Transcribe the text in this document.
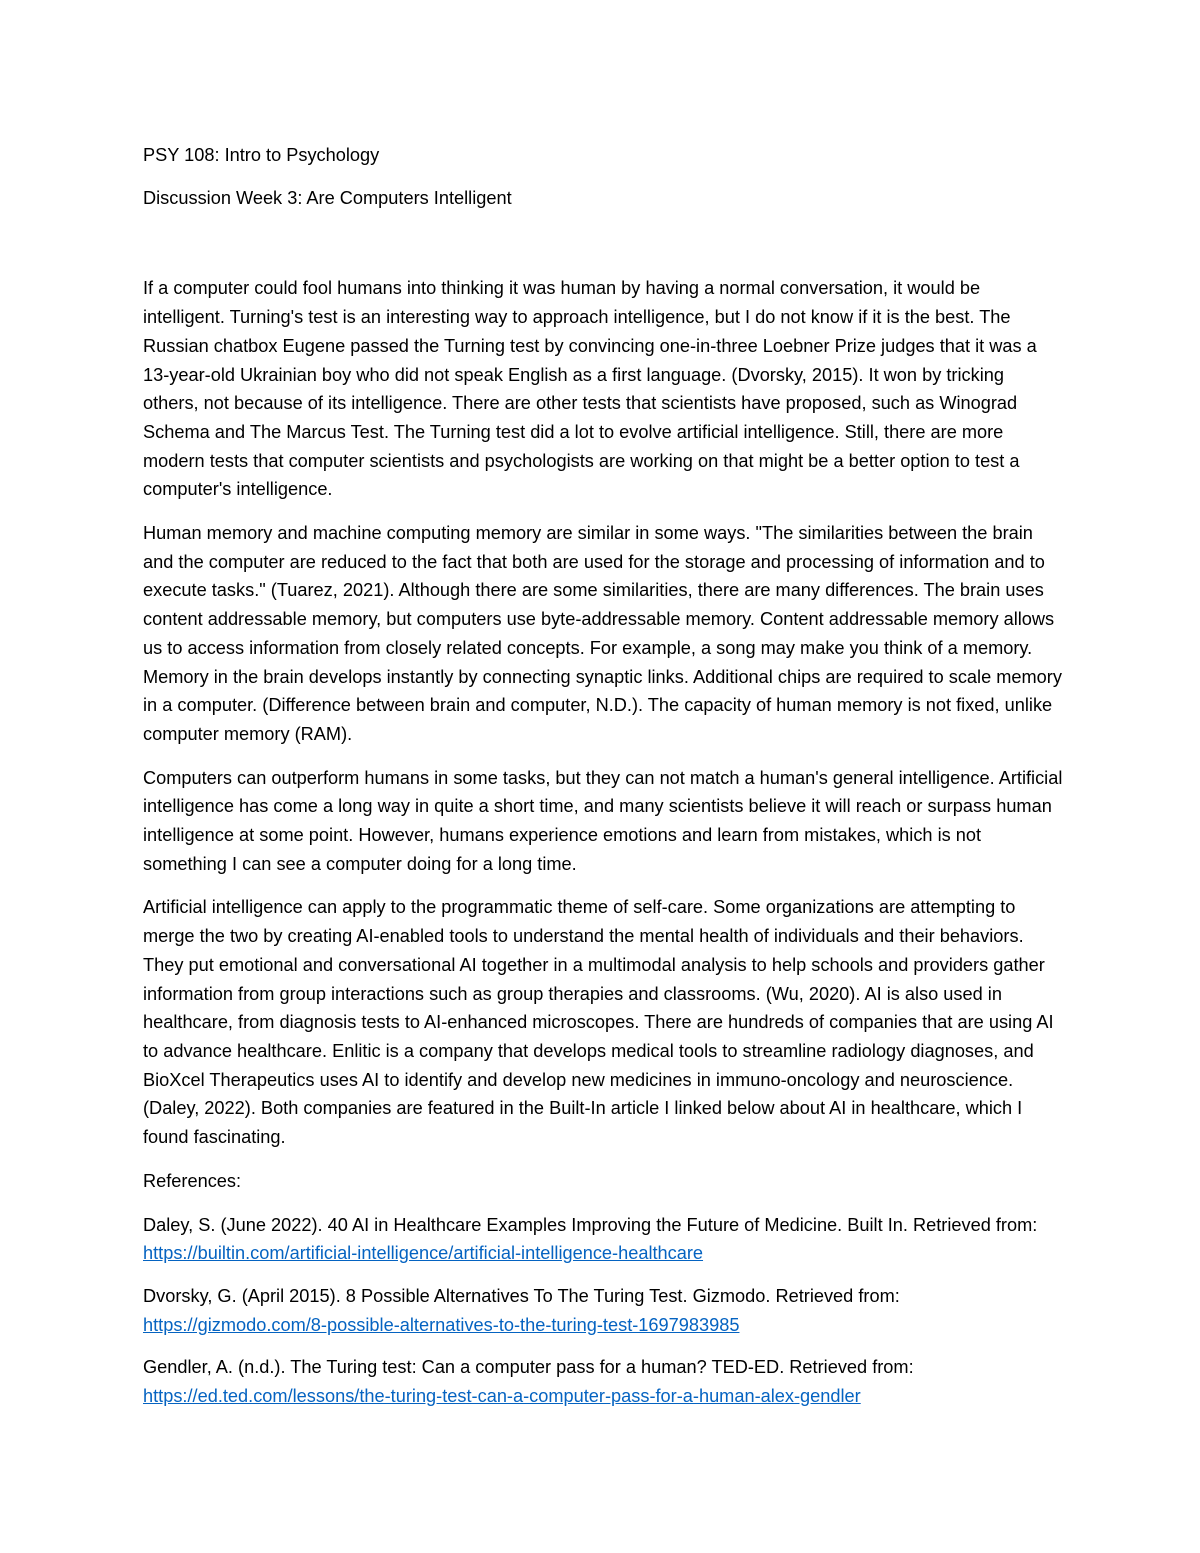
PSY 108: Intro to Psychology

Discussion Week 3: Are Computers Intelligent

If a computer could fool humans into thinking it was human by having a normal conversation, it would be intelligent. Turning's test is an interesting way to approach intelligence, but I do not know if it is the best. The Russian chatbox Eugene passed the Turning test by convincing one-in-three Loebner Prize judges that it was a 13-year-old Ukrainian boy who did not speak English as a first language. (Dvorsky, 2015). It won by tricking others, not because of its intelligence. There are other tests that scientists have proposed, such as Winograd Schema and The Marcus Test. The Turning test did a lot to evolve artificial intelligence. Still, there are more modern tests that computer scientists and psychologists are working on that might be a better option to test a computer's intelligence.

Human memory and machine computing memory are similar in some ways. "The similarities between the brain and the computer are reduced to the fact that both are used for the storage and processing of information and to execute tasks." (Tuarez, 2021). Although there are some similarities, there are many differences. The brain uses content addressable memory, but computers use byte-addressable memory. Content addressable memory allows us to access information from closely related concepts. For example, a song may make you think of a memory. Memory in the brain develops instantly by connecting synaptic links. Additional chips are required to scale memory in a computer. (Difference between brain and computer, N.D.). The capacity of human memory is not fixed, unlike computer memory (RAM).

Computers can outperform humans in some tasks, but they can not match a human's general intelligence. Artificial intelligence has come a long way in quite a short time, and many scientists believe it will reach or surpass human intelligence at some point. However, humans experience emotions and learn from mistakes, which is not something I can see a computer doing for a long time.

Artificial intelligence can apply to the programmatic theme of self-care. Some organizations are attempting to merge the two by creating AI-enabled tools to understand the mental health of individuals and their behaviors. They put emotional and conversational AI together in a multimodal analysis to help schools and providers gather information from group interactions such as group therapies and classrooms. (Wu, 2020). AI is also used in healthcare, from diagnosis tests to AI-enhanced microscopes. There are hundreds of companies that are using AI to advance healthcare. Enlitic is a company that develops medical tools to streamline radiology diagnoses, and BioXcel Therapeutics uses AI to identify and develop new medicines in immuno-oncology and neuroscience. (Daley, 2022). Both companies are featured in the Built-In article I linked below about AI in healthcare, which I found fascinating.

References:

Daley, S. (June 2022). 40 AI in Healthcare Examples Improving the Future of Medicine. Built In. Retrieved from: https://builtin.com/artificial-intelligence/artificial-intelligence-healthcare

Dvorsky, G. (April 2015). 8 Possible Alternatives To The Turing Test. Gizmodo. Retrieved from: https://gizmodo.com/8-possible-alternatives-to-the-turing-test-1697983985

Gendler, A. (n.d.). The Turing test: Can a computer pass for a human? TED-ED. Retrieved from: https://ed.ted.com/lessons/the-turing-test-can-a-computer-pass-for-a-human-alex-gendler
